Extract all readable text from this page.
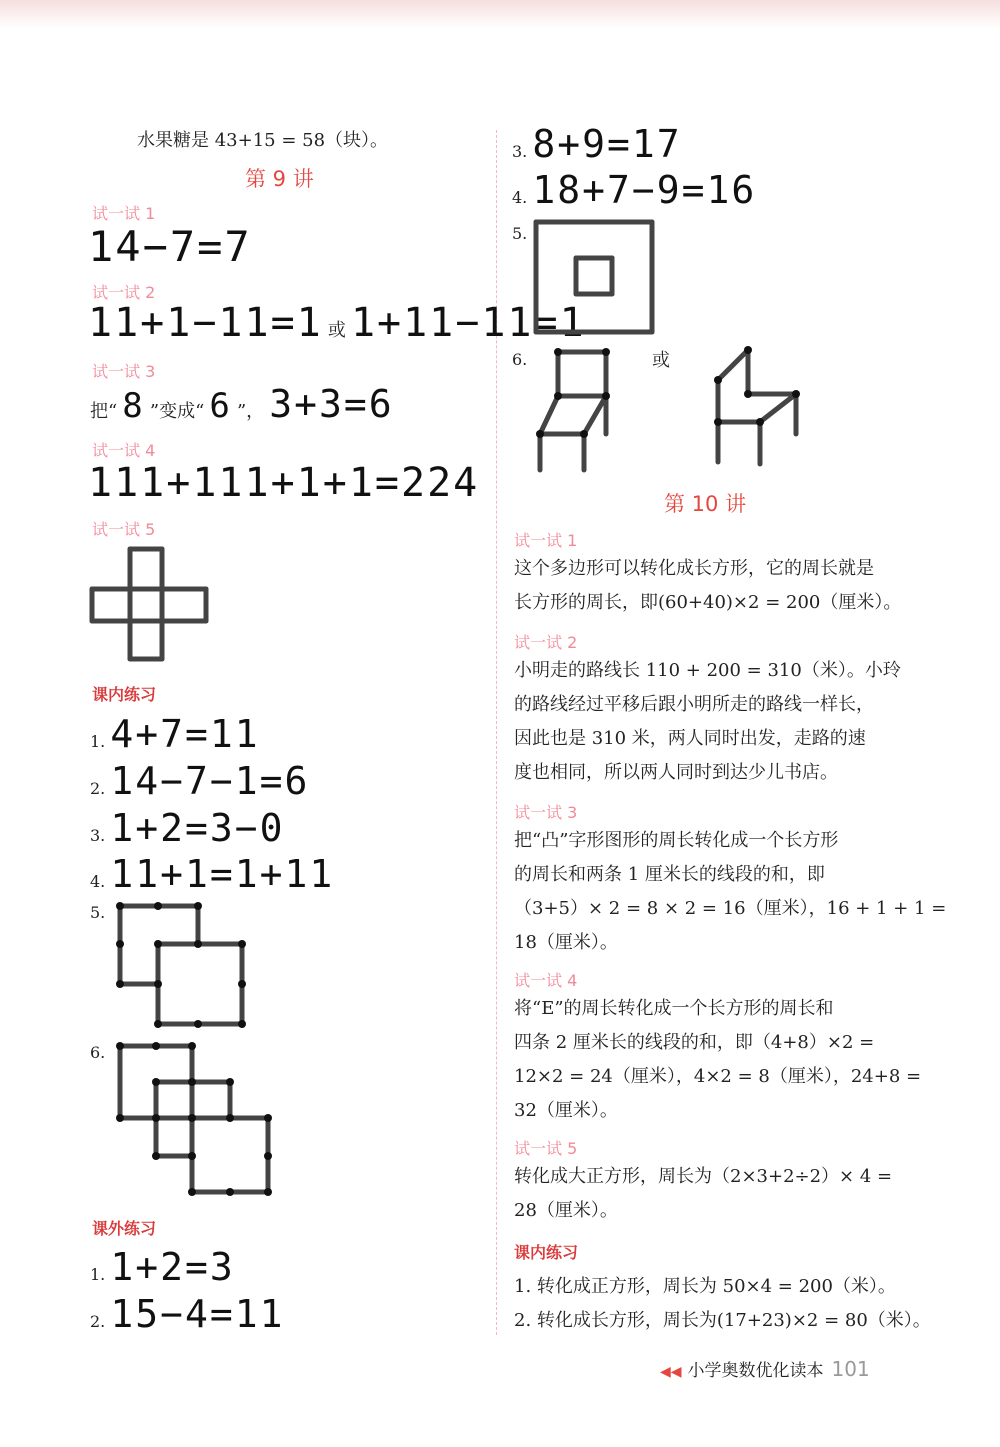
水果糖是 43+15 = 58（块）。
第 9 讲
试一试 1
14−7=7
试一试 2
11+1−11=1 或 1+11−11=1
试一试 3
把“ 8 ”变成“ 6 ”， 3+3=6
试一试 4
111+111+1+1=224
试一试 5
课内练习
1. 4+7=11
2. 14−7−1=6
3. 1+2=3−0
4. 11+1=1+11
5.
6.
课外练习
1. 1+2=3
2. 15−4=11
3. 8+9=17
4. 18+7−9=16
5.
6.	或
第 10 讲
试一试 1
这个多边形可以转化成长方形，它的周长就是
长方形的周长，即(60+40)×2 = 200（厘米）。
试一试 2
小明走的路线长 110 + 200 = 310（米）。小玲
的路线经过平移后跟小明所走的路线一样长，
因此也是 310 米，两人同时出发，走路的速
度也相同，所以两人同时到达少儿书店。
试一试 3
把“凸”字形图形的周长转化成一个长方形
的周长和两条 1 厘米长的线段的和，即
（3+5）× 2 = 8 × 2 = 16（厘米），16 + 1 + 1 =
18（厘米）。
试一试 4
将“E”的周长转化成一个长方形的周长和
四条 2 厘米长的线段的和，即（4+8）×2 =
12×2 = 24（厘米），4×2 = 8（厘米），24+8 =
32（厘米）。
试一试 5
转化成大正方形，周长为（2×3+2÷2）× 4 =
28（厘米）。
课内练习
1. 转化成正方形，周长为 50×4 = 200（米）。
2. 转化成长方形，周长为(17+23)×2 = 80（米）。
◀◀ 小学奥数优化读本 101
